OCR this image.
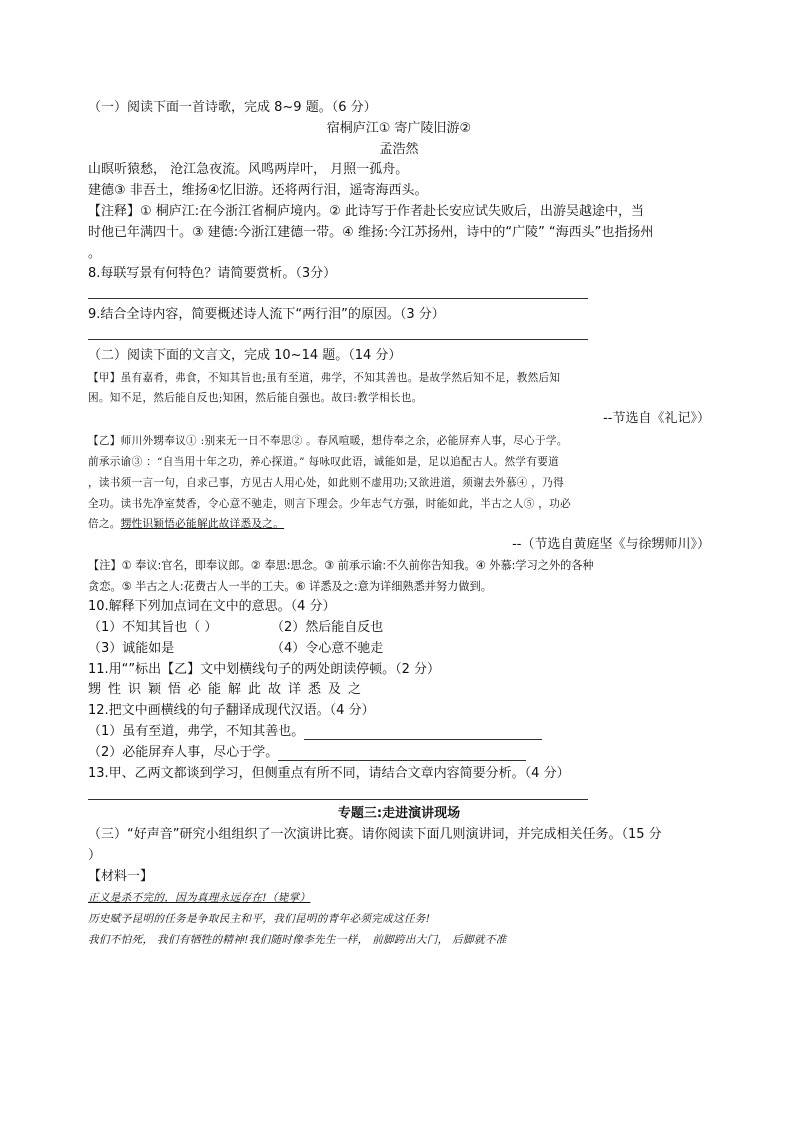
（一）阅读下面一首诗歌，完成 8~9 题。（6 分）
宿桐庐江① 寄广陵旧游②
孟浩然
山暝听猿愁， 沧江急夜流。风鸣两岸叶， 月照一孤舟。
建德③ 非吾土，维扬④忆旧游。还将两行泪，遥寄海西头。
【注释】① 桐庐江:在今浙江省桐庐境内。② 此诗写于作者赴长安应试失败后，出游吴越途中，当
时他已年满四十。③ 建德:今浙江建德一带。④ 维扬:今江苏扬州，诗中的“广陵” “海西头”也指扬州
。
8.每联写景有何特色？请简要赏析。（3分）
9.结合全诗内容，简要概述诗人流下“两行泪”的原因。（3 分）
（二）阅读下面的文言文，完成 10~14 题。（14 分）
【甲】虽有嘉肴，弗食，不知其旨也;虽有至道，弗学，不知其善也。是故学然后知不足，教然后知
困。知不足，然后能自反也;知困，然后能自强也。故曰:教学相长也。
--节选自《礼记》）
【乙】师川外甥奉议① :别来无一日不奉思② 。春风喧暖，想侍奉之余，必能屏弃人事，尽心于学。
前承示谕③ ：“自当用十年之功，养心探道。” 每咏叹此语，诚能如是，足以追配古人。然学有要道
，读书须一言一句，自求己事，方见古人用心处，如此则不虚用功;又欲进道，须谢去外慕④ ，乃得
全功。读书先净室焚香，令心意不驰走，则言下理会。少年志气方强，时能如此，半古之人⑤ ，功必
倍之。甥性识颖悟必能解此故详悉及之。
--（节选自黄庭坚《与徐甥师川》）
【注】① 奉议:官名，即奉议郎。② 奉思:思念。③ 前承示谕:不久前你告知我。④ 外慕:学习之外的各种
贪恋。⑤ 半古之人:花费古人一半的工夫。⑥ 详悉及之:意为详细熟悉并努力做到。
10.解释下列加点词在文中的意思。（4 分）
（1）不知其旨也（ ）	（2）然后能自反也
（3）诚能如是	（4）令心意不驰走
11.用“”标出【乙】文中划横线句子的两处朗读停顿。（2 分）
甥性识颖悟必能解此故详悉及之
12.把文中画横线的句子翻译成现代汉语。（4 分）
（1）虽有至道，弗学，不知其善也。
（2）必能屏弃人事，尽心于学。
13.甲、乙两文都谈到学习，但侧重点有所不同，请结合文章内容简要分析。（4 分）
专题三:走进演讲现场
（三）“好声音”研究小组组织了一次演讲比赛。请你阅读下面几则演讲词，并完成相关任务。（15 分
）
【材料一】
正义是杀不完的，因为真理永远存在!（毙掌）
历史赋予昆明的任务是争取民主和平，我们昆明的青年必须完成这任务!
我们不怕死， 我们有牺牲的精神!我们随时像李先生一样， 前脚跨出大门， 后脚就不准
